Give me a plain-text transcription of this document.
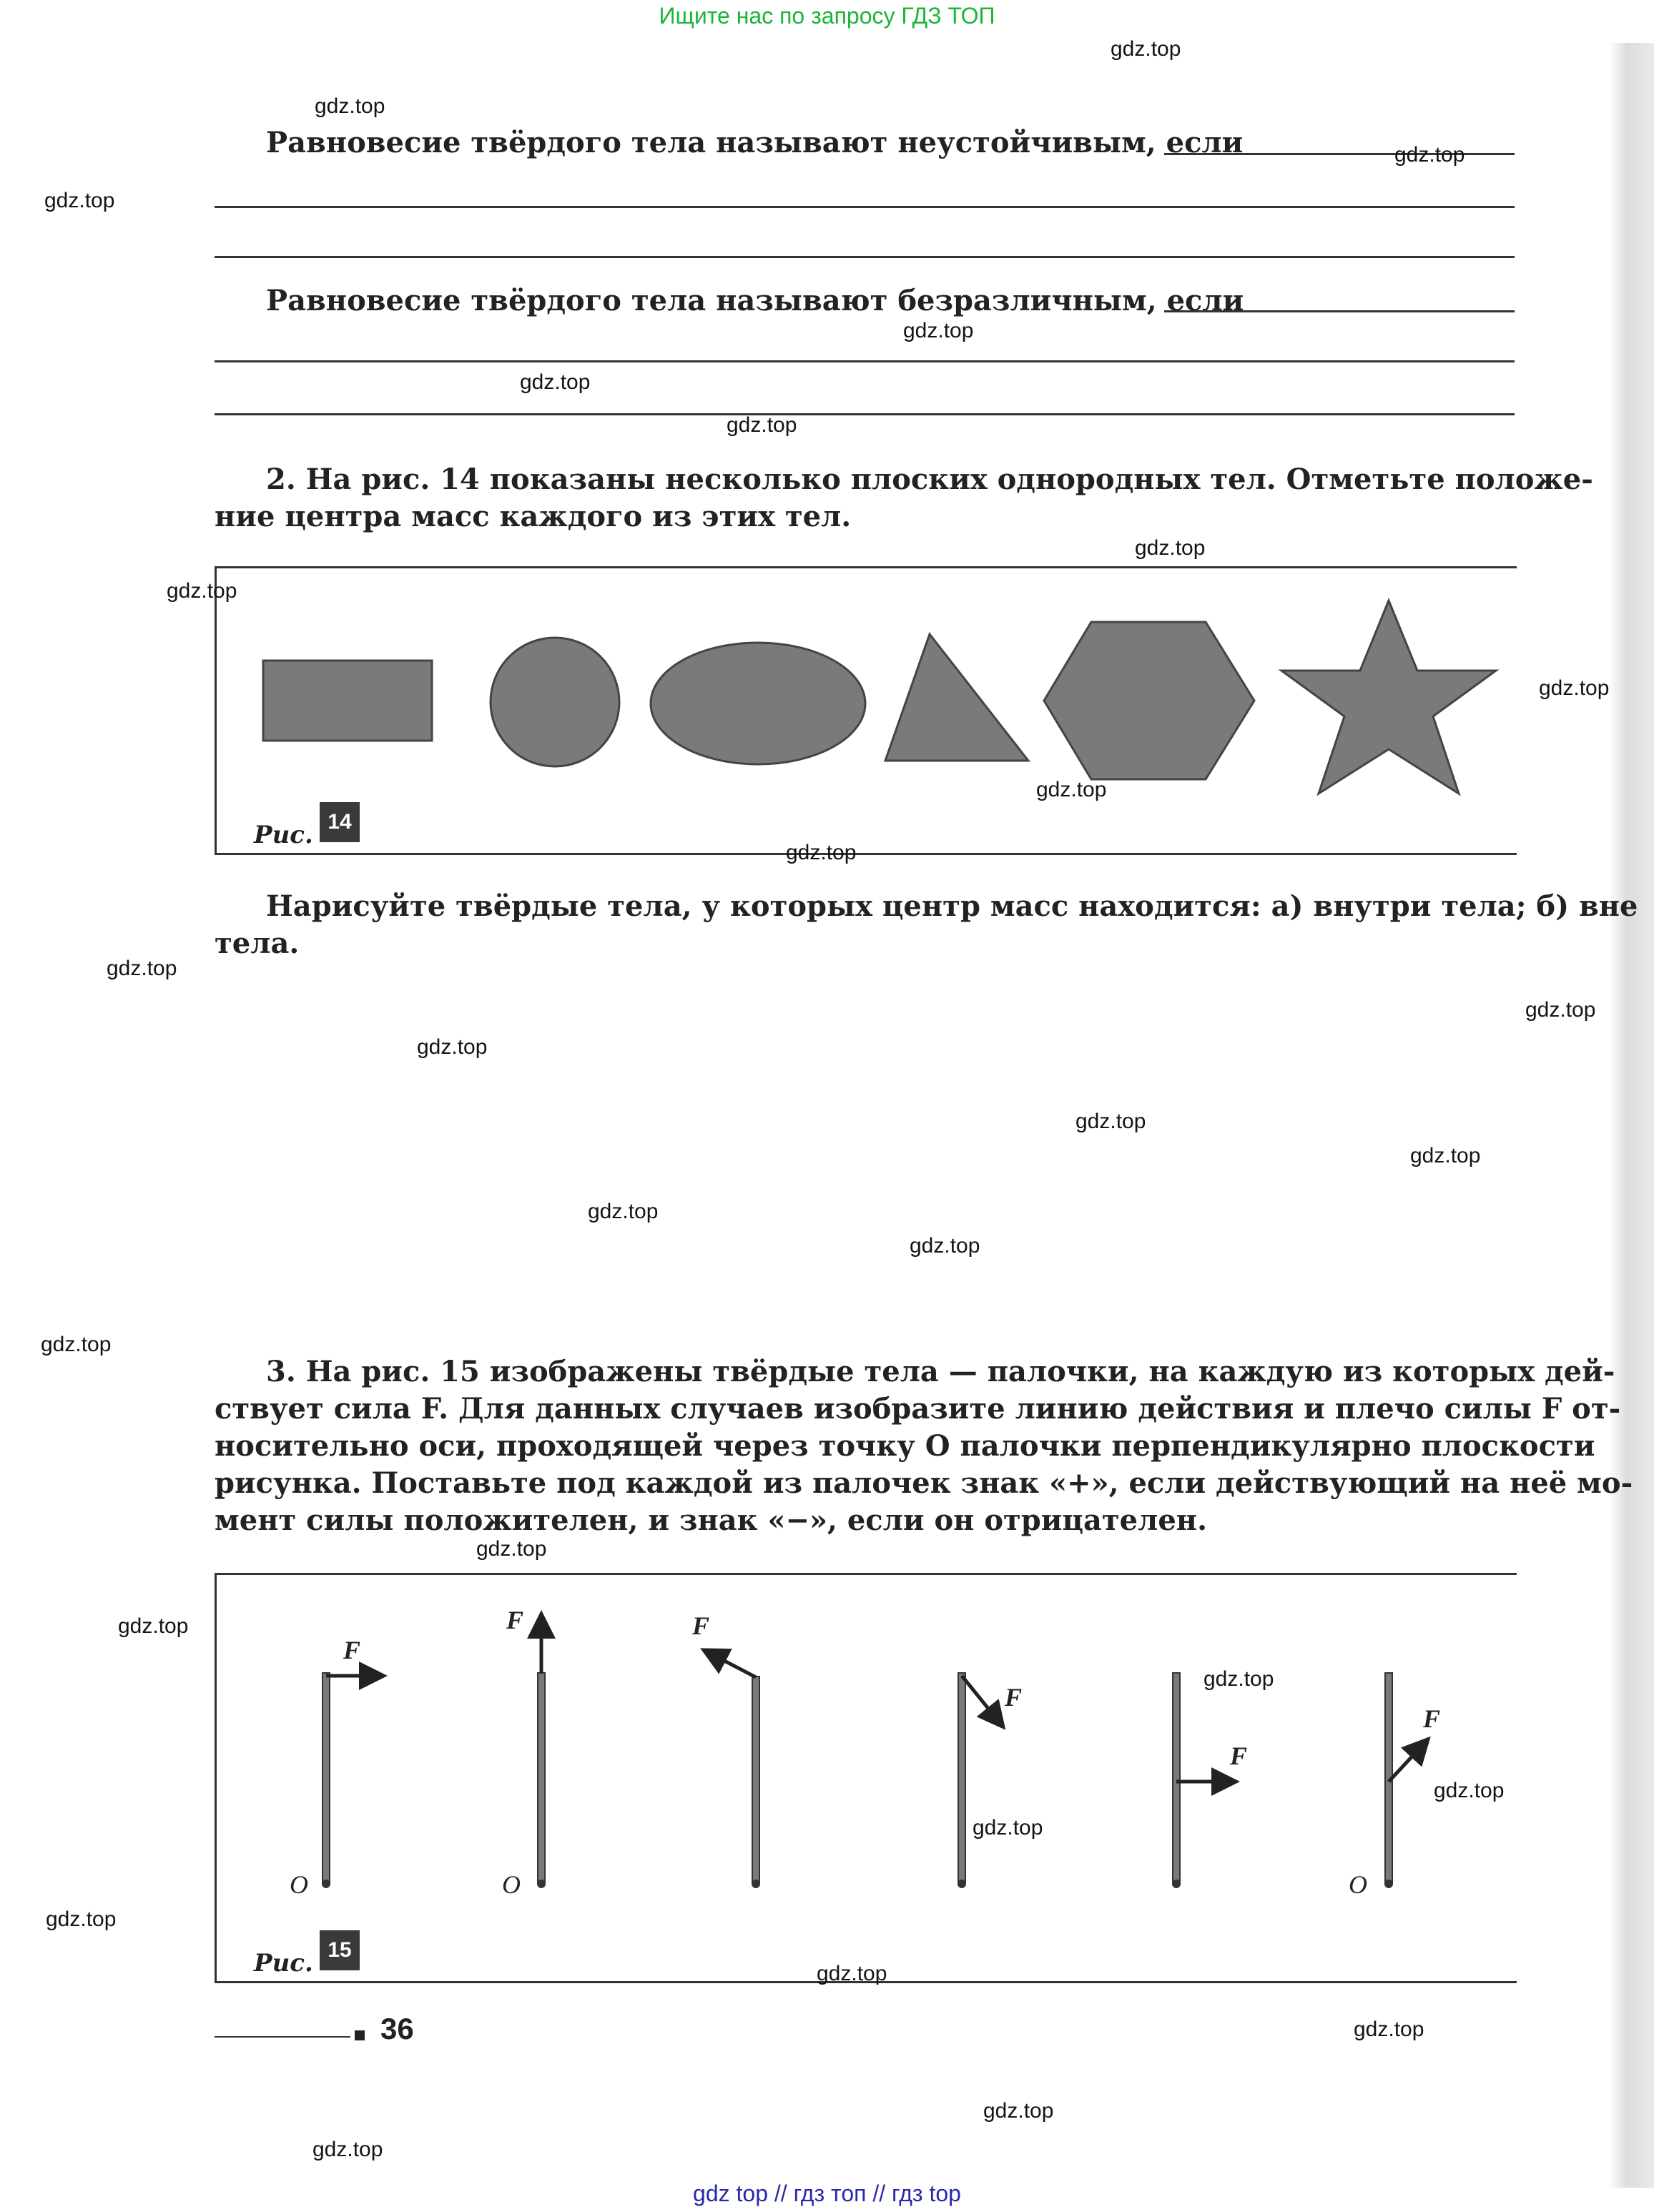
Ищите нас по запросу ГДЗ ТОП
Равновесие твёрдого тела называют неустойчивым, если
Равновесие твёрдого тела называют безразличным, если
2. На рис. 14 показаны несколько плоских однородных тел. Отметьте положе-
ние центра масс каждого из этих тел.
Рис. 14
Нарисуйте твёрдые тела, у которых центр масс находится: а) внутри тела; б) вне
тела.
3. На рис. 15 изображены твёрдые тела — палочки, на каждую из которых дей-
ствует сила F. Для данных случаев изобразите линию действия и плечо силы F от-
носительно оси, проходящей через точку O палочки перпендикулярно плоскости
рисунка. Поставьте под каждой из палочек знак «+», если действующий на неё мо-
мент силы положителен, и знак «−», если он отрицателен.
F
O
F
O
F
F
F
F
O
Рис. 15
36
gdz.top
gdz.top
gdz.top
gdz.top
gdz.top
gdz.top
gdz.top
gdz.top
gdz.top
gdz.top
gdz.top
gdz.top
gdz.top
gdz.top
gdz.top
gdz.top
gdz.top
gdz.top
gdz.top
gdz.top
gdz.top
gdz.top
gdz.top
gdz.top
gdz.top
gdz.top
gdz.top
gdz.top
gdz.top
gdz.top
gdz top // гдз топ // гдз top
